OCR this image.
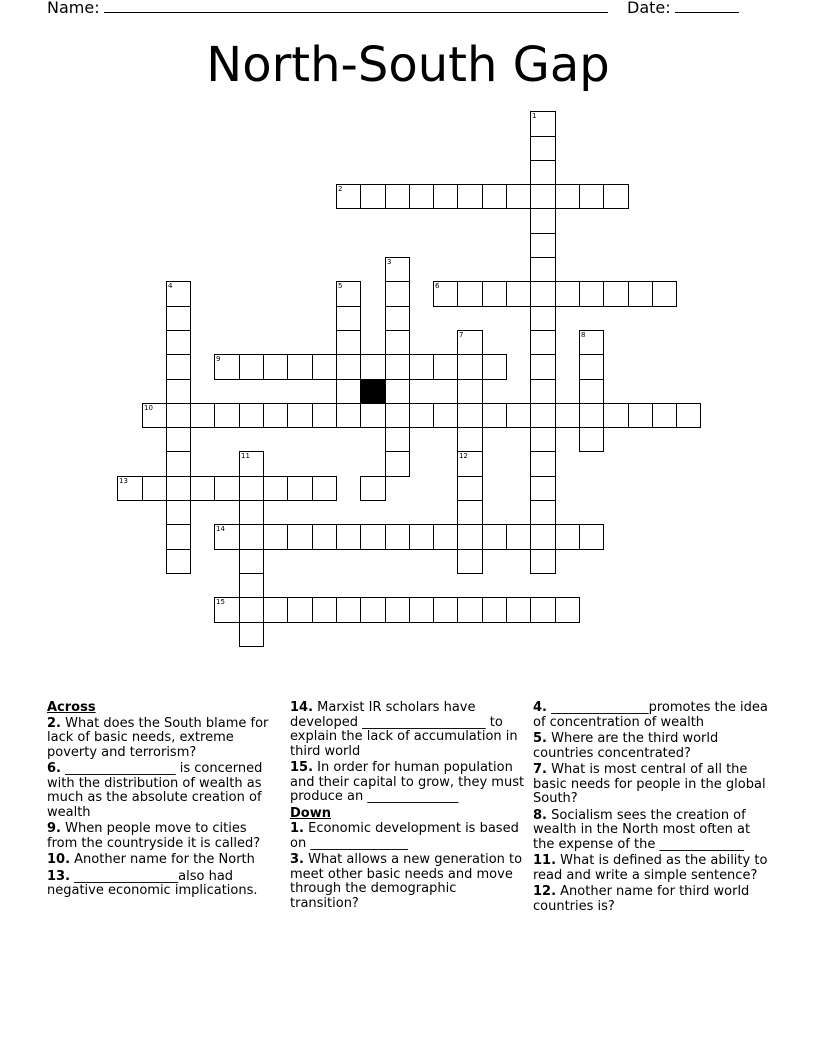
Name:	Date:
North-South Gap
1
2
3
4	5	6
7	8
9
10
11	12
13
14
15
Across
2. What does the South blame for lack of basic needs, extreme poverty and terrorism?
6. _________________ is concerned with the distribution of wealth as much as the absolute creation of wealth
9. When people move to cities from the countryside it is called?
10. Another name for the North
13. ________________also had negative economic implications.
14. Marxist IR scholars have developed ___________________ to explain the lack of accumulation in third world
15. In order for human population and their capital to grow, they must produce an ______________
Down
1. Economic development is based on _______________
3. What allows a new generation to meet other basic needs and move through the demographic transition?
4. _______________promotes the idea of concentration of wealth
5. Where are the third world countries concentrated?
7. What is most central of all the basic needs for people in the global South?
8. Socialism sees the creation of wealth in the North most often at the expense of the _____________
11. What is defined as the ability to read and write a simple sentence?
12. Another name for third world countries is?
